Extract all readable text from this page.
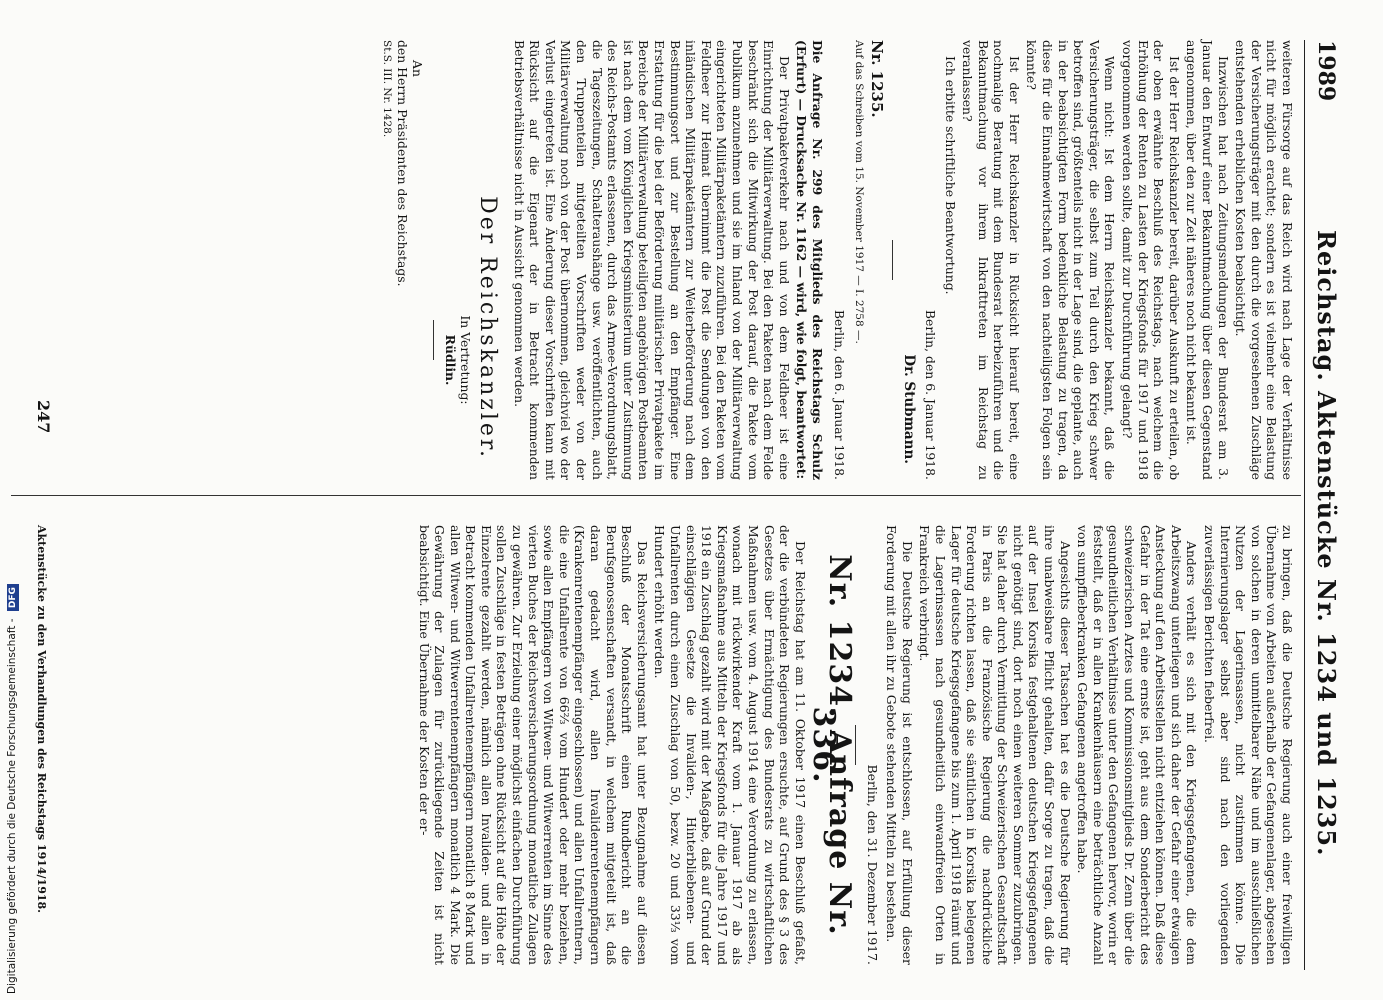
1989
Reichstag. Aktenstücke Nr. 1234 und 1235.

weiteren Fürsorge auf das Reich wird nach Lage der Verhältnisse nicht für möglich erachtet; sondern es ist vielmehr eine Belastung der Versicherungsträger mit den durch die vorgesehenen Zuschläge entstehenden erheblichen Kosten beabsichtigt.

Inzwischen hat nach Zeitungsmeldungen der Bundesrat am 3. Januar den Entwurf einer Bekanntmachung über diesen Gegenstand angenommen, über den zur Zeit näheres noch nicht bekannt ist.

Ist der Herr Reichskanzler bereit, darüber Auskunft zu erteilen, ob der oben erwähnte Beschluß des Reichstags, nach welchem die Erhöhung der Renten zu Lasten der Kriegsfonds für 1917 und 1918 vorgenommen werden sollte, damit zur Durchführung gelangt?

Wenn nicht: Ist dem Herrn Reichskanzler bekannt, daß die Versicherungsträger, die selbst zum Teil durch den Krieg schwer betroffen sind, größtenteils nicht in der Lage sind, die geplante, auch in der beabsichtigten Form bedenkliche Belastung zu tragen, da diese für die Einnahmewirtschaft von den nachteiligsten Folgen sein könnte?

Ist der Herr Reichskanzler in Rücksicht hierauf bereit, eine nochmalige Beratung mit dem Bundesrat herbeizuführen und die Bekanntmachung vor ihrem Inkrafttreten im Reichstag zu veranlassen?

Ich erbitte schriftliche Beantwortung.

Berlin, den 6. Januar 1918.
Dr. Stubmann.
Nr. 1235.
Auf das Schreiben vom 15. November 1917 — I. 2758 —.
Berlin, den 6. Januar 1918.

Die Anfrage Nr. 299 des Mitglieds des Reichstags Schulz (Erfurt) — Drucksache Nr. 1162 — wird, wie folgt, beantwortet:

Der Privatpaketverkehr nach und von dem Feldheer ist eine Einrichtung der Militärverwaltung. Bei den Paketen nach dem Felde beschränkt sich die Mitwirkung der Post darauf, die Pakete vom Publikum anzunehmen und sie im Inland von der Militärverwaltung eingerichteten Militärpaketämtern zuzuführen. Bei den Paketen vom Feldheer zur Heimat übernimmt die Post die Sendungen von den inländischen Militärpaketämtern zur Weiterbeförderung nach dem Bestimmungsort und zur Bestellung an den Empfänger. Eine Erstattung für die bei der Beförderung militärischer Privatpakete im Bereiche der Militärverwaltung beteiligten angehörigen Postbeamten ist nach dem vom Königlichen Kriegsministerium unter Zustimmung des Reichs-Postamts erlassenen, durch das Armee-Verordnungsblatt, die Tageszeitungen, Schalteraushänge usw. veröffentlichten, auch den Truppenteilen mitgeteilten Vorschriften weder von der Militärverwaltung noch von der Post übernommen, gleichviel wo der Verlust eingetreten ist. Eine Änderung dieser Vorschriften kann mit Rücksicht auf die Eigenart der in Betracht kommenden Betriebsverhältnisse nicht in Aussicht genommen werden.

Der Reichskanzler.
In Vertretung:
Rüdlin.
An
den Herrn Präsidenten des Reichstags.
St.S. III. Nr. 1428.

zu bringen, daß die Deutsche Regierung auch einer freiwilligen Übernahme von Arbeiten außerhalb der Gefangenenlager, abgesehen von solchen in deren unmittelbarer Nähe und im ausschließlichen Nutzen der Lagerinsassen, nicht zustimmen könne. Die Internierungslager selbst aber sind nach den vorliegenden zuverlässigen Berichten fieberfrei.

Anders verhält es sich mit den Kriegsgefangenen, die dem Arbeitszwang unterliegen und sich daher der Gefahr einer etwaigen Ansteckung auf den Arbeitsstellen nicht entziehen können. Daß diese Gefahr in der Tat eine ernste ist, geht aus dem Sonderbericht des schweizerischen Arztes und Kommissionsmitglieds Dr. Zenn über die gesundheitlichen Verhältnisse unter den Gefangenen hervor, worin er feststellt, daß er in allen Krankenhäusern eine beträchtliche Anzahl von sumpffieberkranken Gefangenen angetroffen habe.

Angesichts dieser Tatsachen hat es die Deutsche Regierung für ihre unabweisbare Pflicht gehalten, dafür Sorge zu tragen, daß die auf der Insel Korsika festgehaltenen deutschen Kriegsgefangenen nicht genötigt sind, dort noch einen weiteren Sommer zuzubringen. Sie hat daher durch Vermittlung der Schweizerischen Gesandtschaft in Paris an die Französische Regierung die nachdrückliche Forderung richten lassen, daß sie sämtlichen in Korsika belegenen Lager für deutsche Kriegsgefangene bis zum 1. April 1918 räumt und die Lagerinsassen nach gesundheitlich einwandfreien Orten in Frankreich verbringt.

Die Deutsche Regierung ist entschlossen, auf Erfüllung dieser Forderung mit allen ihr zu Gebote stehenden Mitteln zu bestehen.

Berlin, den 31. Dezember 1917.
Nr. 1234. Anfrage Nr. 336.

Der Reichstag hat am 11. Oktober 1917 einen Beschluß gefaßt, der die verbündeten Regierungen ersuchte, auf Grund des § 3 des Gesetzes über Ermächtigung des Bundesrats zu wirtschaftlichen Maßnahmen usw. vom 4. August 1914 eine Verordnung zu erlassen, wonach mit rückwirkender Kraft vom 1. Januar 1917 ab als Kriegsmaßnahme aus Mitteln der Kriegsfonds für die Jahre 1917 und 1918 ein Zuschlag gezahlt wird mit der Maßgabe, daß auf Grund der einschlägigen Gesetze die Invaliden-, Hinterbliebenen- und Unfallrenten durch einen Zuschlag von 50, bezw. 20 und 33⅓ vom Hundert erhöht werden.

Das Reichsversicherungsamt hat unter Bezugnahme auf diesen Beschluß der Monatsschrift einen Rundbericht an die Berufsgenossenschaften versandt, in welchem mitgeteilt ist, daß daran gedacht wird, allen Invalidenrentenempfängern (Krankenrentenempfänger eingeschlossen) und allen Unfallrentnern, die eine Unfallrente von 66⅔ vom Hundert oder mehr beziehen, sowie allen Empfängern von Witwen- und Witwerrenten im Sinne des vierten Buches der Reichsversicherungsordnung monatliche Zulagen zu gewähren. Zur Erzielung einer möglichst einfachen Durchführung sollen Zuschläge in festen Beträgen ohne Rücksicht auf die Höhe der Einzelrente gezahlt werden, nämlich allen Invaliden- und allen in Betracht kommenden Unfallrentenempfängern monatlich 8 Mark und allen Witwen- und Witwerrentenempfängern monatlich 4 Mark. Die Gewährung der Zulagen für zurückliegende Zeiten ist nicht beabsichtigt. Eine Übernahme der Kosten der er-

Aktenstücke zu den Verhandlungen des Reichstags 1914/1918.
247
Digitalisierung gefördert durch die Deutsche Forschungsgemeinschaft - DFG
